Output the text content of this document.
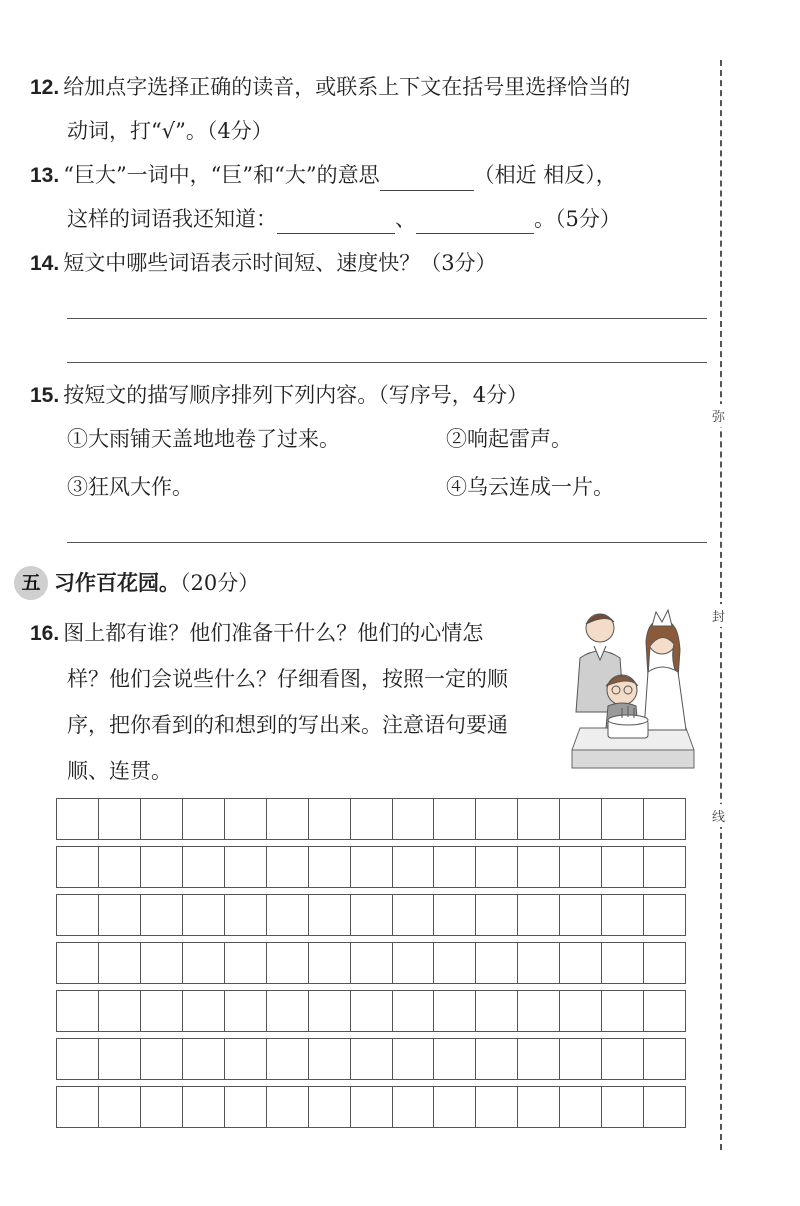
12. 给加点字选择正确的读音，或联系上下文在括号里选择恰当的
动词，打“√”。（4分）
13. “巨大”一词中，“巨”和“大”的意思	（相近 相反），
这样的词语我还知道：	、	。（5分）
14. 短文中哪些词语表示时间短、速度快？（3分）
15. 按短文的描写顺序排列下列内容。（写序号，4分）
①大雨铺天盖地地卷了过来。	②响起雷声。
③狂风大作。	④乌云连成一片。
五 习作百花园。（20分）
16. 图上都有谁？他们准备干什么？他们的心情怎
样？他们会说些什么？仔细看图，按照一定的顺
序，把你看到的和想到的写出来。注意语句要通
顺、连贯。
弥
封
线
